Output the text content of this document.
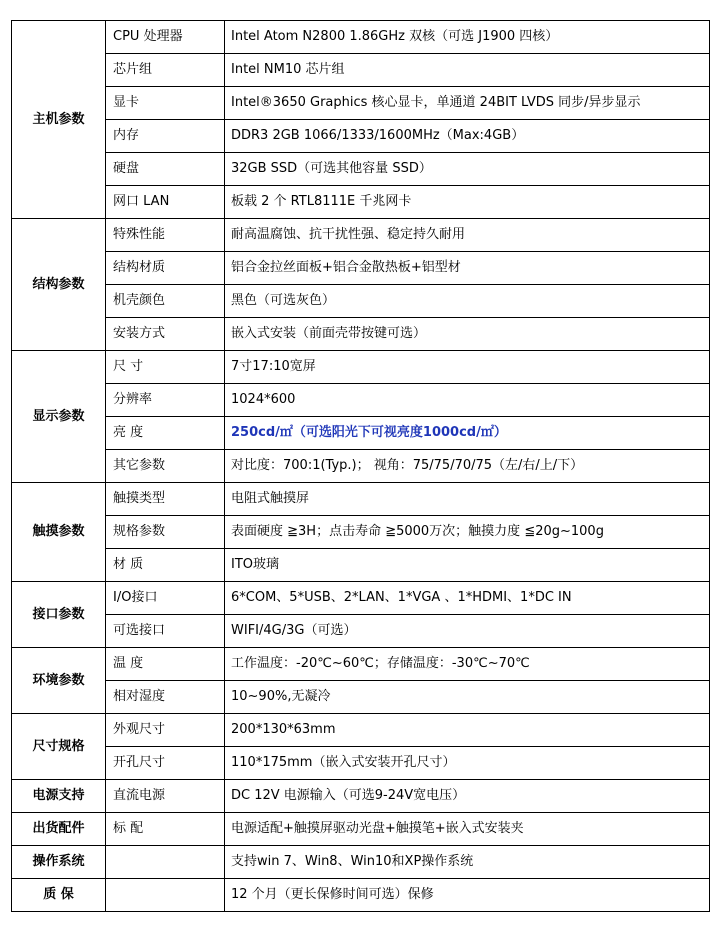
主机参数	CPU 处理器	Intel Atom N2800 1.86GHz 双核（可选 J1900 四核）
	芯片组	Intel NM10 芯片组
	显卡	Intel®3650 Graphics 核心显卡，单通道 24BIT LVDS 同步/异步显示
	内存	DDR3 2GB 1066/1333/1600MHz（Max:4GB）
	硬盘	32GB SSD（可选其他容量 SSD）
	网口 LAN	板载 2 个 RTL8111E 千兆网卡
结构参数	特殊性能	耐高温腐蚀、抗干扰性强、稳定持久耐用
	结构材质	铝合金拉丝面板+铝合金散热板+铝型材
	机壳颜色	黑色（可选灰色）
	安装方式	嵌入式安装（前面壳带按键可选）
显示参数	尺 寸	7寸17:10宽屏
	分辨率	1024*600
	亮 度	250cd/㎡（可选阳光下可视亮度1000cd/㎡）
	其它参数	对比度：700:1(Typ.)； 视角：75/75/70/75（左/右/上/下）
触摸参数	触摸类型	电阻式触摸屏
	规格参数	表面硬度 ≧3H；点击寿命 ≧5000万次；触摸力度 ≦20g~100g
	材 质	ITO玻璃
接口参数	I/O接口	6*COM、5*USB、2*LAN、1*VGA 、1*HDMI、1*DC IN
	可选接口	WIFI/4G/3G（可选）
环境参数	温 度	工作温度：-20℃~60℃；存储温度：-30℃~70℃
	相对湿度	10~90%,无凝冷
尺寸规格	外观尺寸	200*130*63mm
	开孔尺寸	110*175mm（嵌入式安装开孔尺寸）
电源支持	直流电源	DC 12V 电源输入（可选9-24V宽电压）
出货配件	标 配	电源适配+触摸屏驱动光盘+触摸笔+嵌入式安装夹
操作系统		支持win 7、Win8、Win10和XP操作系统
质 保		12 个月（更长保修时间可选）保修
